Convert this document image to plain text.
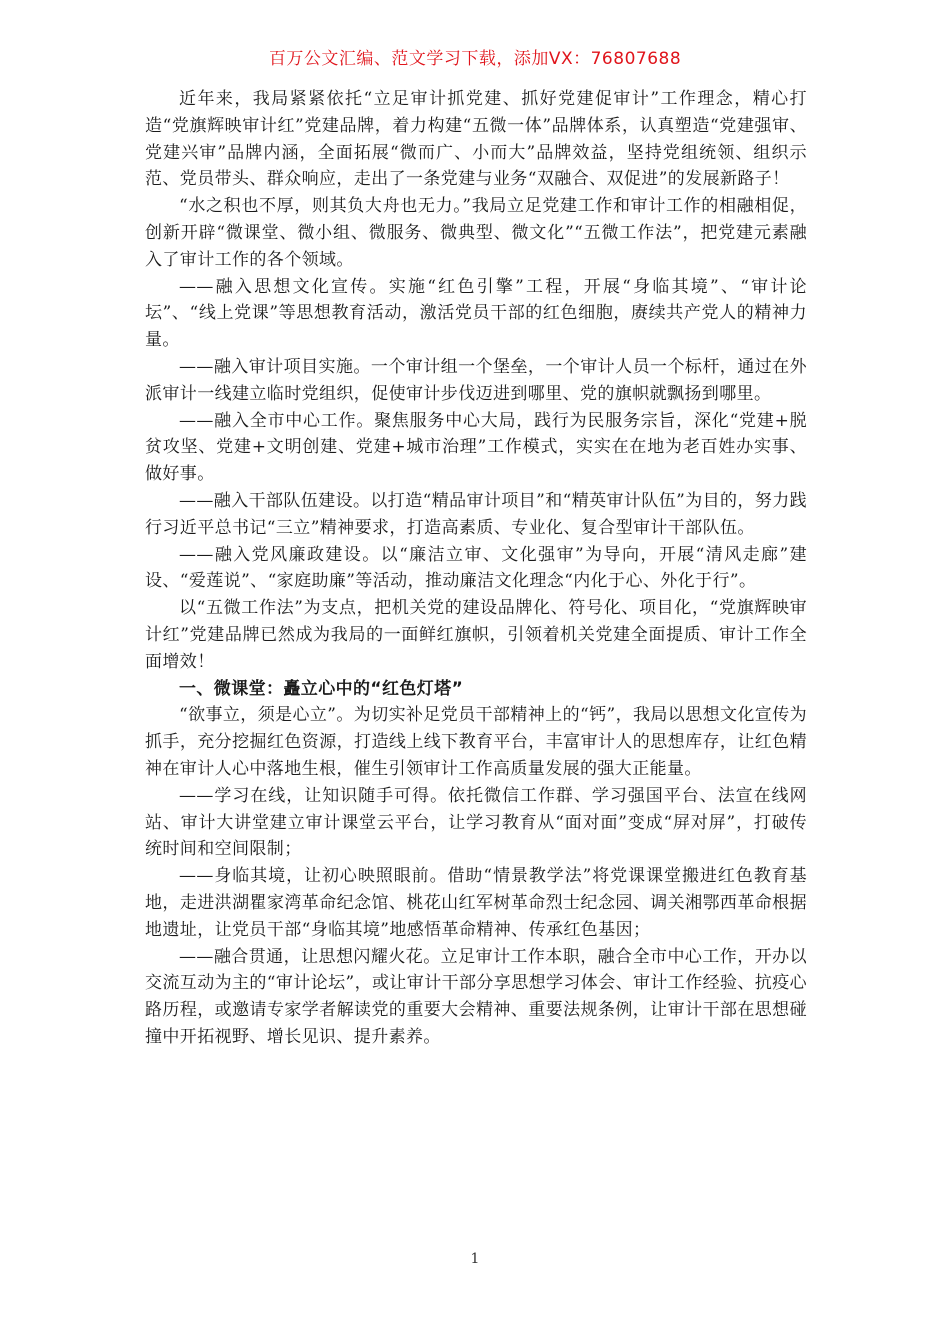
百万公文汇编、范文学习下载，添加VX：76807688

近年来，我局紧紧依托“立足审计抓党建、抓好党建促审计”工作理念，精心打造“党旗辉映审计红”党建品牌，着力构建“五微一体”品牌体系，认真塑造“党建强审、党建兴审”品牌内涵，全面拓展“微而广、小而大”品牌效益，坚持党组统领、组织示范、党员带头、群众响应，走出了一条党建与业务“双融合、双促进”的发展新路子！

“水之积也不厚，则其负大舟也无力。”我局立足党建工作和审计工作的相融相促，创新开辟“微课堂、微小组、微服务、微典型、微文化”“五微工作法”，把党建元素融入了审计工作的各个领域。

——融入思想文化宣传。实施“红色引擎”工程，开展“身临其境”、“审计论坛”、“线上党课”等思想教育活动，激活党员干部的红色细胞，赓续共产党人的精神力量。

——融入审计项目实施。一个审计组一个堡垒，一个审计人员一个标杆，通过在外派审计一线建立临时党组织，促使审计步伐迈进到哪里、党的旗帜就飘扬到哪里。

——融入全市中心工作。聚焦服务中心大局，践行为民服务宗旨，深化“党建+脱贫攻坚、党建+文明创建、党建+城市治理”工作模式，实实在在地为老百姓办实事、做好事。

——融入干部队伍建设。以打造“精品审计项目”和“精英审计队伍”为目的，努力践行习近平总书记“三立”精神要求，打造高素质、专业化、复合型审计干部队伍。

——融入党风廉政建设。以“廉洁立审、文化强审”为导向，开展“清风走廊”建设、“爱莲说”、“家庭助廉”等活动，推动廉洁文化理念“内化于心、外化于行”。

以“五微工作法”为支点，把机关党的建设品牌化、符号化、项目化，“党旗辉映审计红”党建品牌已然成为我局的一面鲜红旗帜，引领着机关党建全面提质、审计工作全面增效！

一、微课堂：矗立心中的“红色灯塔”

“欲事立，须是心立”。为切实补足党员干部精神上的“钙”，我局以思想文化宣传为抓手，充分挖掘红色资源，打造线上线下教育平台，丰富审计人的思想库存，让红色精神在审计人心中落地生根，催生引领审计工作高质量发展的强大正能量。

——学习在线，让知识随手可得。依托微信工作群、学习强国平台、法宣在线网站、审计大讲堂建立审计课堂云平台，让学习教育从“面对面”变成“屏对屏”，打破传统时间和空间限制；

——身临其境，让初心映照眼前。借助“情景教学法”将党课课堂搬进红色教育基地，走进洪湖瞿家湾革命纪念馆、桃花山红军树革命烈士纪念园、调关湘鄂西革命根据地遗址，让党员干部“身临其境”地感悟革命精神、传承红色基因；

——融合贯通，让思想闪耀火花。立足审计工作本职，融合全市中心工作，开办以交流互动为主的“审计论坛”，或让审计干部分享思想学习体会、审计工作经验、抗疫心路历程，或邀请专家学者解读党的重要大会精神、重要法规条例，让审计干部在思想碰撞中开拓视野、增长见识、提升素养。

1
